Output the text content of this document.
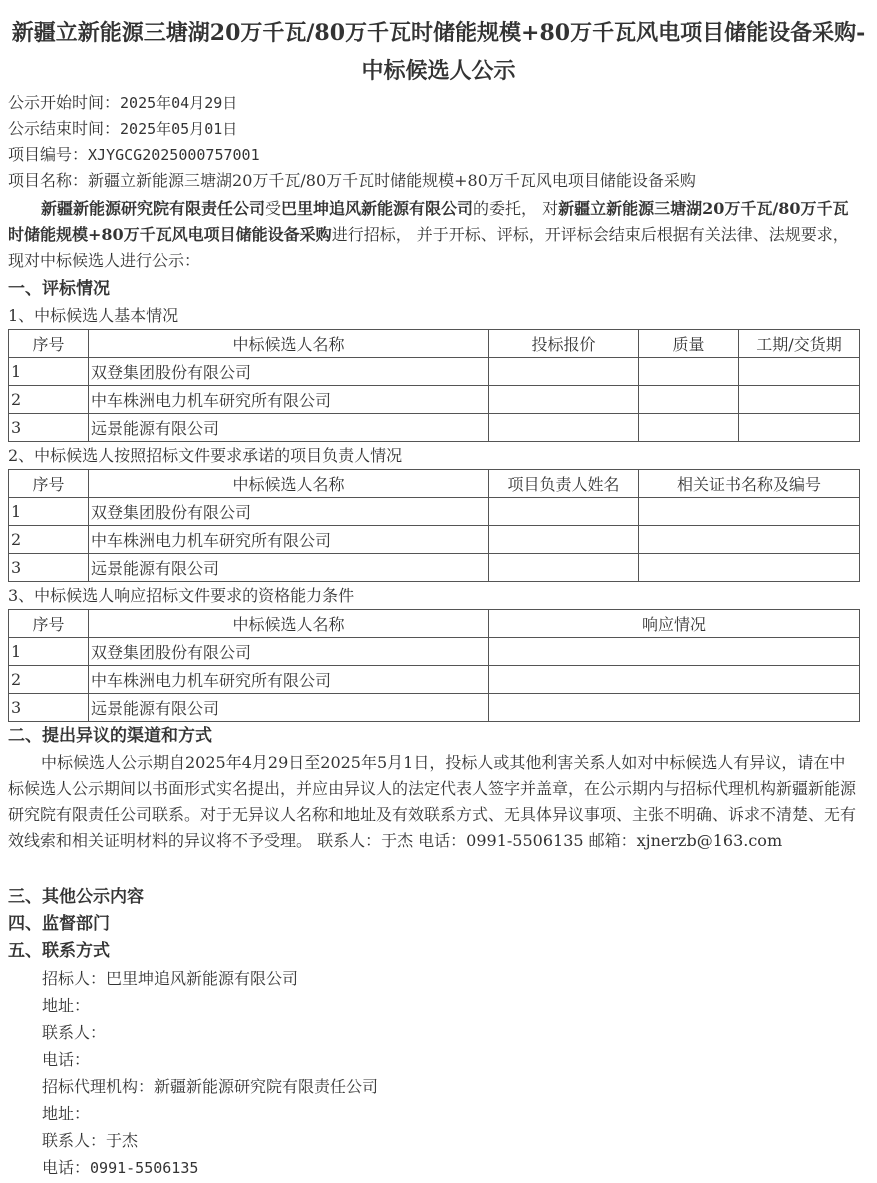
新疆立新能源三塘湖20万千瓦/80万千瓦时储能规模+80万千瓦风电项目储能设备采购-中标候选人公示
公示开始时间：2025年04月29日
公示结束时间：2025年05月01日
项目编号：XJYGCG2025000757001
项目名称：新疆立新能源三塘湖20万千瓦/80万千瓦时储能规模+80万千瓦风电项目储能设备采购
新疆新能源研究院有限责任公司受巴里坤追风新能源有限公司的委托， 对新疆立新能源三塘湖20万千瓦/80万千瓦时储能规模+80万千瓦风电项目储能设备采购进行招标， 并于开标、评标，开评标会结束后根据有关法律、法规要求，现对中标候选人进行公示：
一、评标情况
1、中标候选人基本情况
序号	中标候选人名称	投标报价	质量	工期/交货期
1	双登集团股份有限公司			
2	中车株洲电力机车研究所有限公司			
3	远景能源有限公司			
2、中标候选人按照招标文件要求承诺的项目负责人情况
序号	中标候选人名称	项目负责人姓名	相关证书名称及编号
1	双登集团股份有限公司		
2	中车株洲电力机车研究所有限公司		
3	远景能源有限公司		
3、中标候选人响应招标文件要求的资格能力条件
序号	中标候选人名称	响应情况
1	双登集团股份有限公司	
2	中车株洲电力机车研究所有限公司	
3	远景能源有限公司	
二、提出异议的渠道和方式
中标候选人公示期自2025年4月29日至2025年5月1日，投标人或其他利害关系人如对中标候选人有异议，请在中标候选人公示期间以书面形式实名提出，并应由异议人的法定代表人签字并盖章，在公示期内与招标代理机构新疆新能源研究院有限责任公司联系。对于无异议人名称和地址及有效联系方式、无具体异议事项、主张不明确、诉求不清楚、无有效线索和相关证明材料的异议将不予受理。 联系人：于杰 电话：0991-5506135 邮箱：xjnerzb@163.com
三、其他公示内容
四、监督部门
五、联系方式
招标人：巴里坤追风新能源有限公司
地址：
联系人：
电话：
招标代理机构：新疆新能源研究院有限责任公司
地址：
联系人：于杰
电话：0991-5506135
